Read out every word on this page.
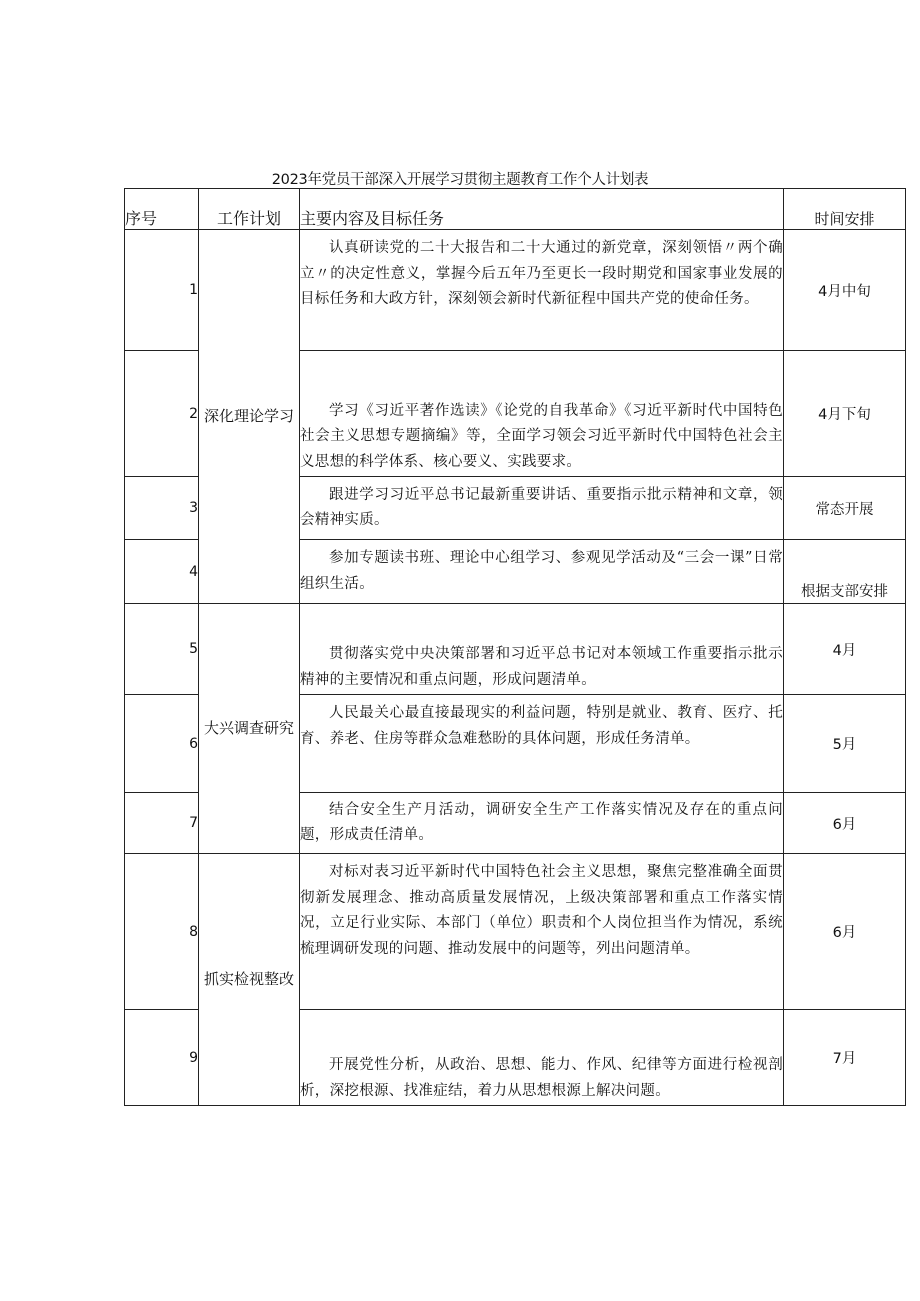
2023年党员干部深入开展学习贯彻主题教育工作个人计划表
序号	工作计划	主要内容及目标任务	时间安排
1	深化理论学习	认真研读党的二十大报告和二十大通过的新党章，深刻领悟〃两个确立〃的决定性意义，掌握今后五年乃至更长一段时期党和国家事业发展的目标任务和大政方针，深刻领会新时代新征程中国共产党的使命任务。	4月中旬
2		学习《习近平著作选读》《论党的自我革命》《习近平新时代中国特色社会主义思想专题摘编》等，全面学习领会习近平新时代中国特色社会主义思想的科学体系、核心要义、实践要求。	4月下旬
3		跟进学习习近平总书记最新重要讲话、重要指示批示精神和文章，领会精神实质。	常态开展
4		参加专题读书班、理论中心组学习、参观见学活动及“三会一课”日常组织生活。	根据支部安排
5	大兴调查研究	贯彻落实党中央决策部署和习近平总书记对本领域工作重要指示批示精神的主要情况和重点问题，形成问题清单。	4月
6		人民最关心最直接最现实的利益问题，特别是就业、教育、医疗、托育、养老、住房等群众急难愁盼的具体问题，形成任务清单。	5月
7		结合安全生产月活动，调研安全生产工作落实情况及存在的重点问题，形成责任清单。	6月
8	抓实检视整改	对标对表习近平新时代中国特色社会主义思想，聚焦完整准确全面贯彻新发展理念、推动高质量发展情况，上级决策部署和重点工作落实情况，立足行业实际、本部门（单位）职责和个人岗位担当作为情况，系统梳理调研发现的问题、推动发展中的问题等，列出问题清单。	6月
9		开展党性分析，从政治、思想、能力、作风、纪律等方面进行检视剖析，深挖根源、找准症结，着力从思想根源上解决问题。	7月
